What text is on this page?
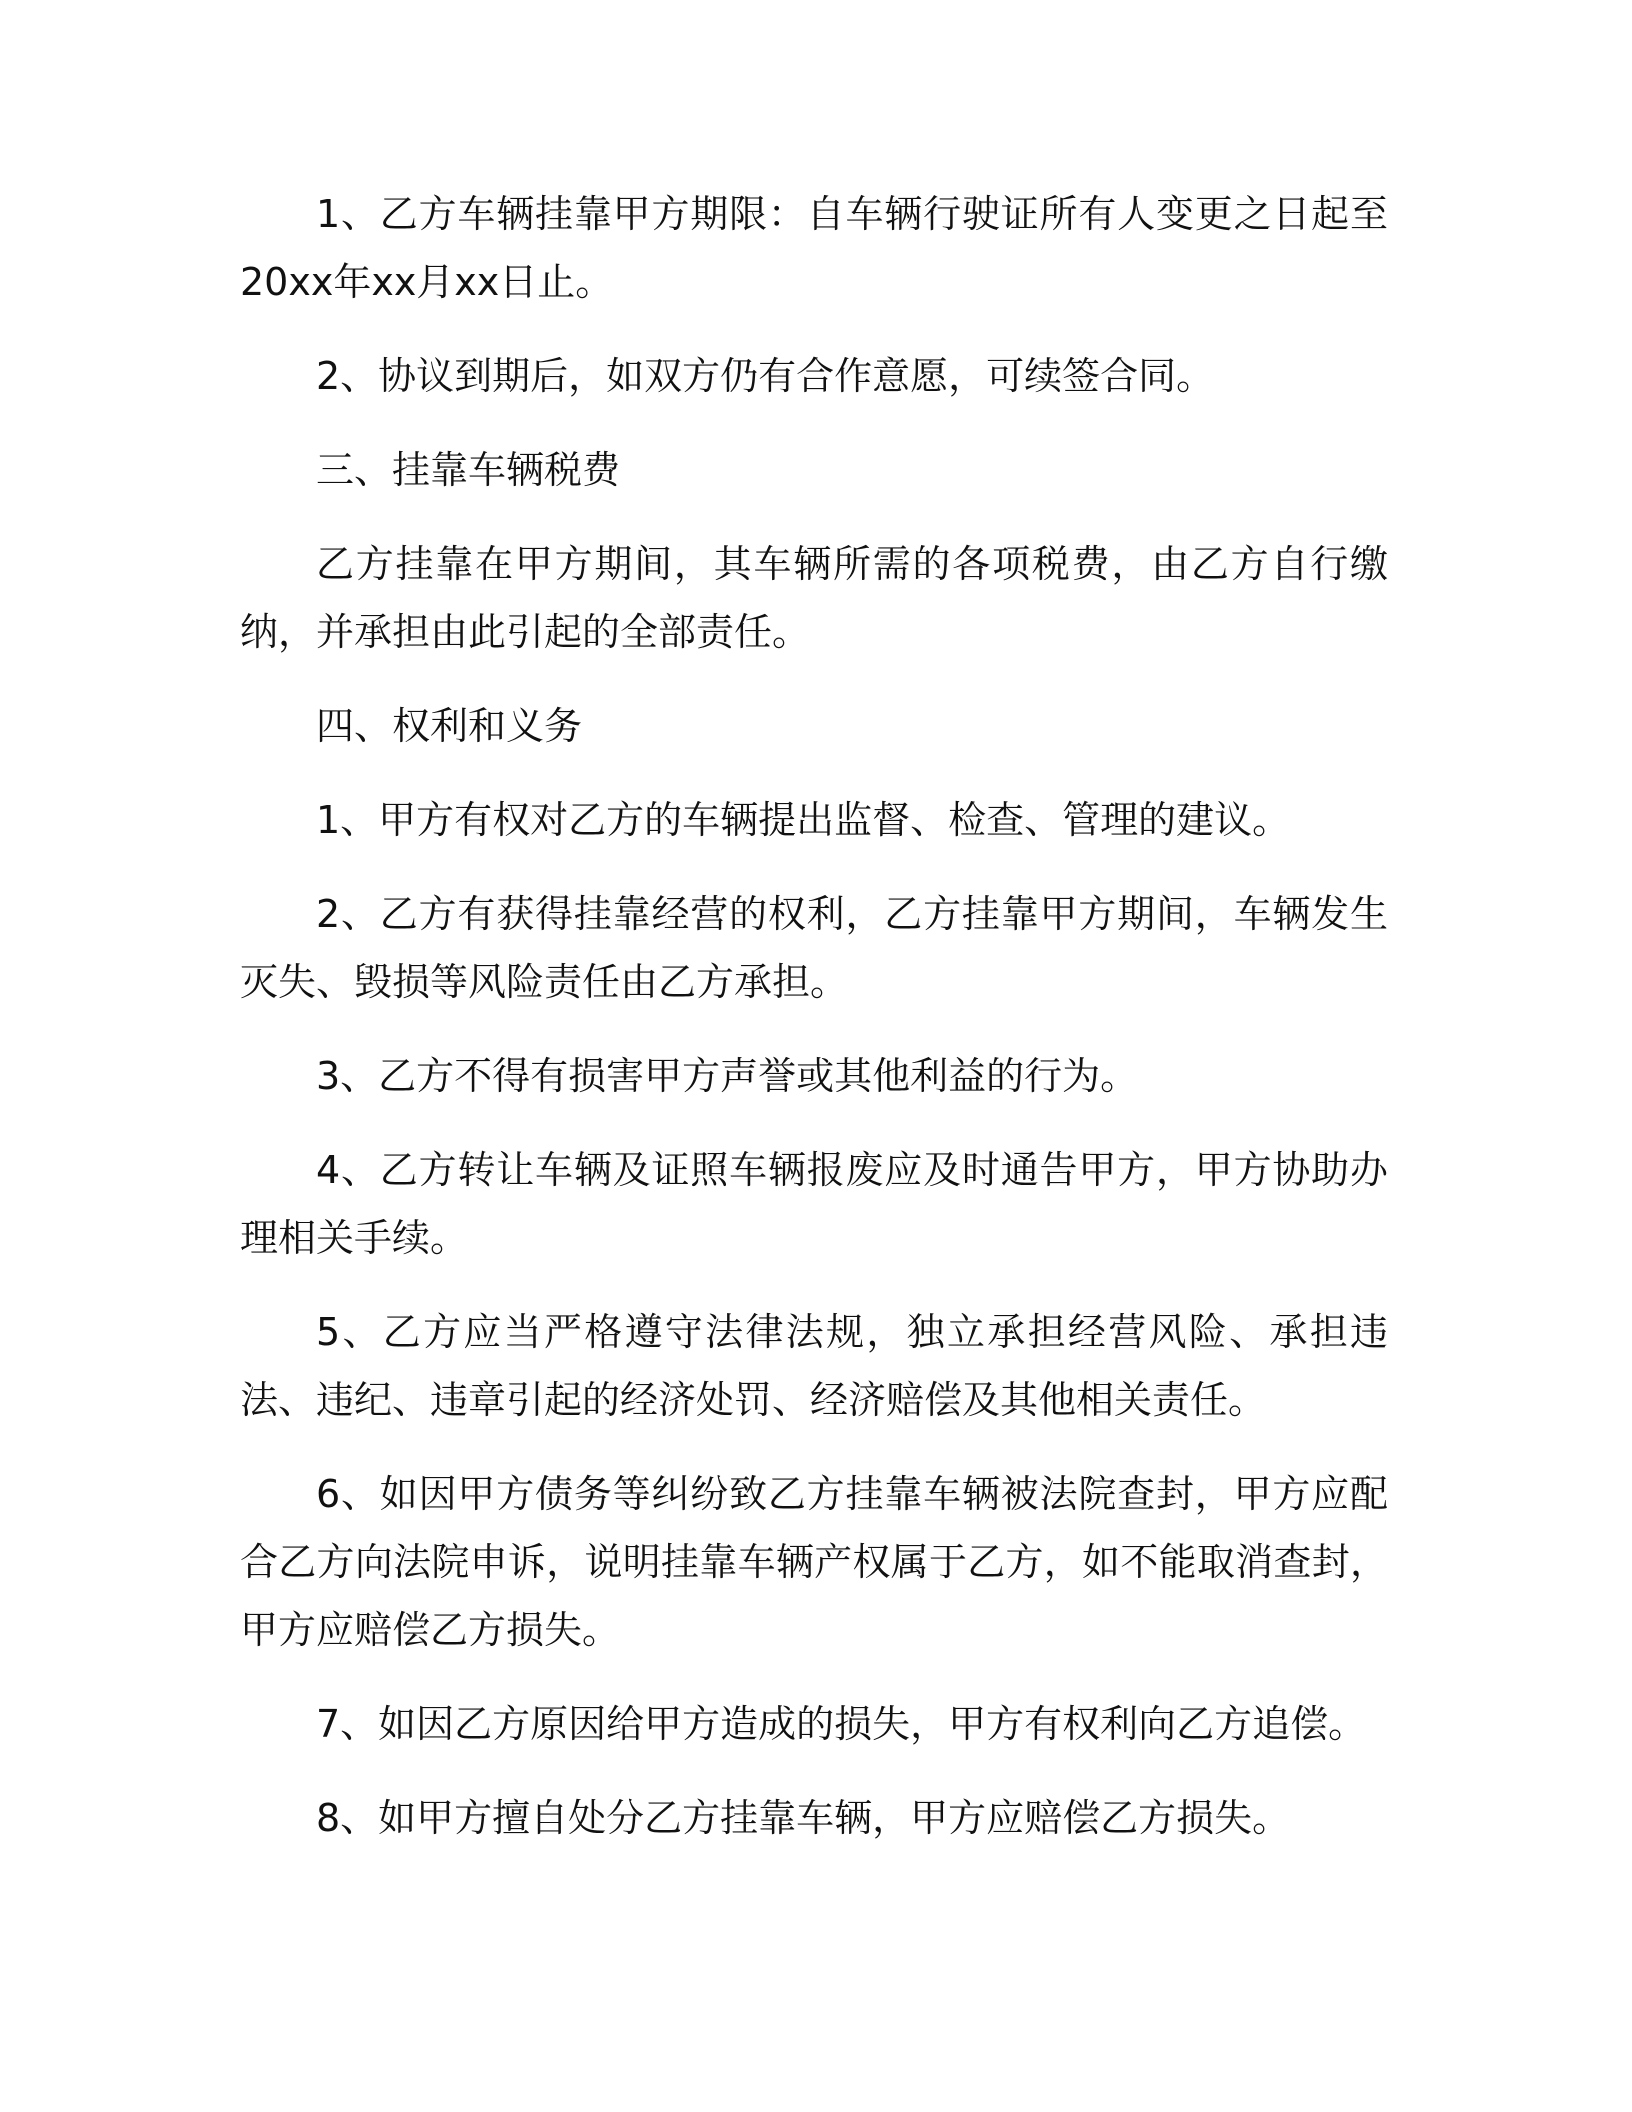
1、乙方车辆挂靠甲方期限：自车辆行驶证所有人变更之日起至20xx年xx月xx日止。

2、协议到期后，如双方仍有合作意愿，可续签合同。

三、挂靠车辆税费

乙方挂靠在甲方期间，其车辆所需的各项税费，由乙方自行缴纳，并承担由此引起的全部责任。

四、权利和义务

1、甲方有权对乙方的车辆提出监督、检查、管理的建议。

2、乙方有获得挂靠经营的权利，乙方挂靠甲方期间，车辆发生灭失、毁损等风险责任由乙方承担。

3、乙方不得有损害甲方声誉或其他利益的行为。

4、乙方转让车辆及证照车辆报废应及时通告甲方，甲方协助办理相关手续。

5、乙方应当严格遵守法律法规，独立承担经营风险、承担违法、违纪、违章引起的经济处罚、经济赔偿及其他相关责任。

6、如因甲方债务等纠纷致乙方挂靠车辆被法院查封，甲方应配合乙方向法院申诉，说明挂靠车辆产权属于乙方，如不能取消查封，甲方应赔偿乙方损失。

7、如因乙方原因给甲方造成的损失，甲方有权利向乙方追偿。

8、如甲方擅自处分乙方挂靠车辆，甲方应赔偿乙方损失。
